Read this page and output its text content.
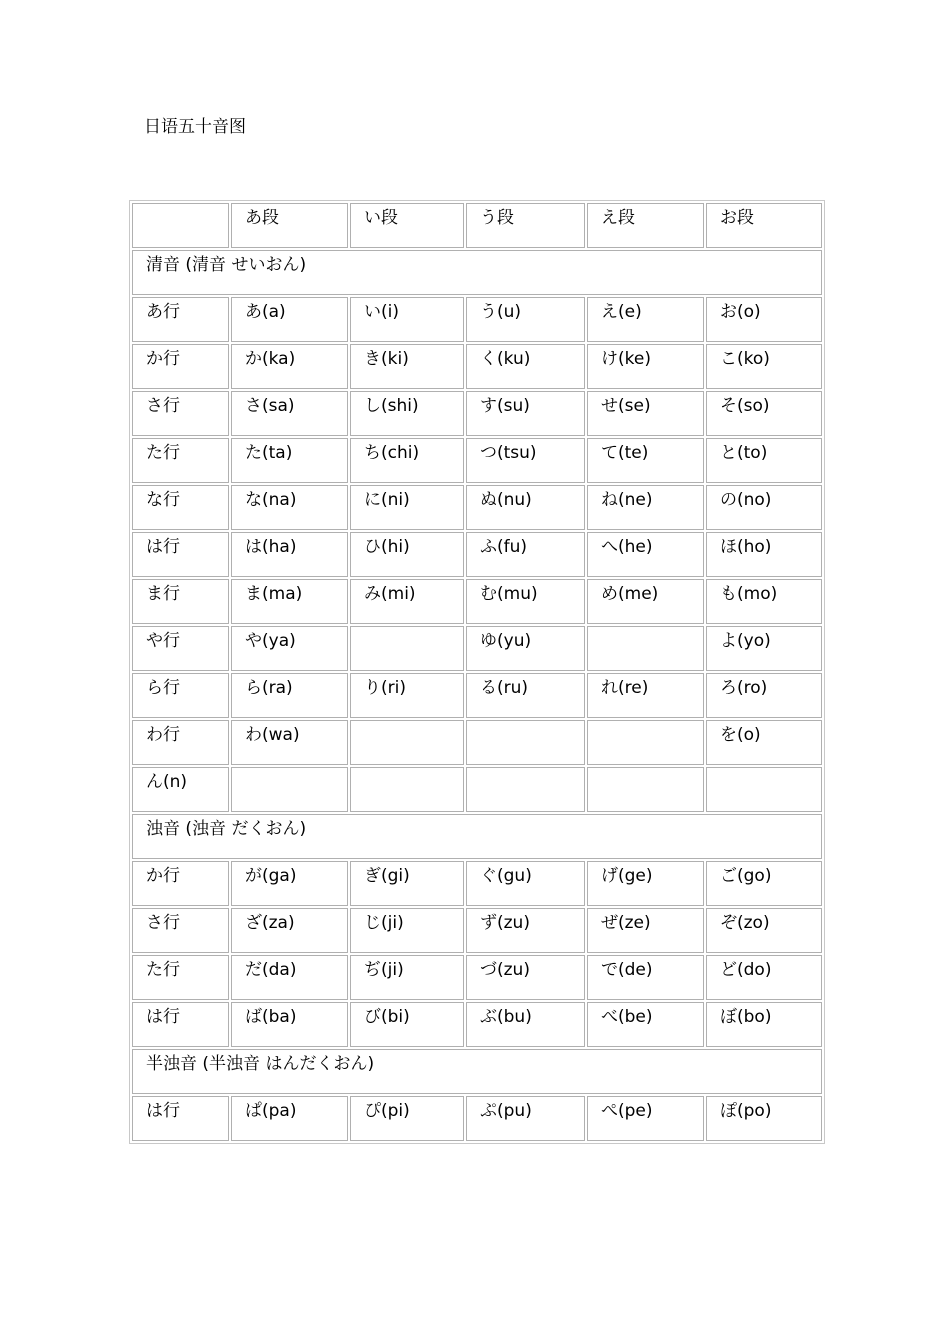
日语五十音图
	あ段	い段	う段	え段	お段
清音 (清音 せいおん)					
あ行	あ(a)	い(i)	う(u)	え(e)	お(o)
か行	か(ka)	き(ki)	く(ku)	け(ke)	こ(ko)
さ行	さ(sa)	し(shi)	す(su)	せ(se)	そ(so)
た行	た(ta)	ち(chi)	つ(tsu)	て(te)	と(to)
な行	な(na)	に(ni)	ぬ(nu)	ね(ne)	の(no)
は行	は(ha)	ひ(hi)	ふ(fu)	へ(he)	ほ(ho)
ま行	ま(ma)	み(mi)	む(mu)	め(me)	も(mo)
や行	や(ya)		ゆ(yu)		よ(yo)
ら行	ら(ra)	り(ri)	る(ru)	れ(re)	ろ(ro)
わ行	わ(wa)				を(o)
ん(n)					
浊音 (浊音 だくおん)					
か行	が(ga)	ぎ(gi)	ぐ(gu)	げ(ge)	ご(go)
さ行	ざ(za)	じ(ji)	ず(zu)	ぜ(ze)	ぞ(zo)
た行	だ(da)	ぢ(ji)	づ(zu)	で(de)	ど(do)
は行	ば(ba)	び(bi)	ぶ(bu)	べ(be)	ぼ(bo)
半浊音 (半浊音 はんだくおん)					
は行	ぱ(pa)	ぴ(pi)	ぷ(pu)	ぺ(pe)	ぽ(po)
